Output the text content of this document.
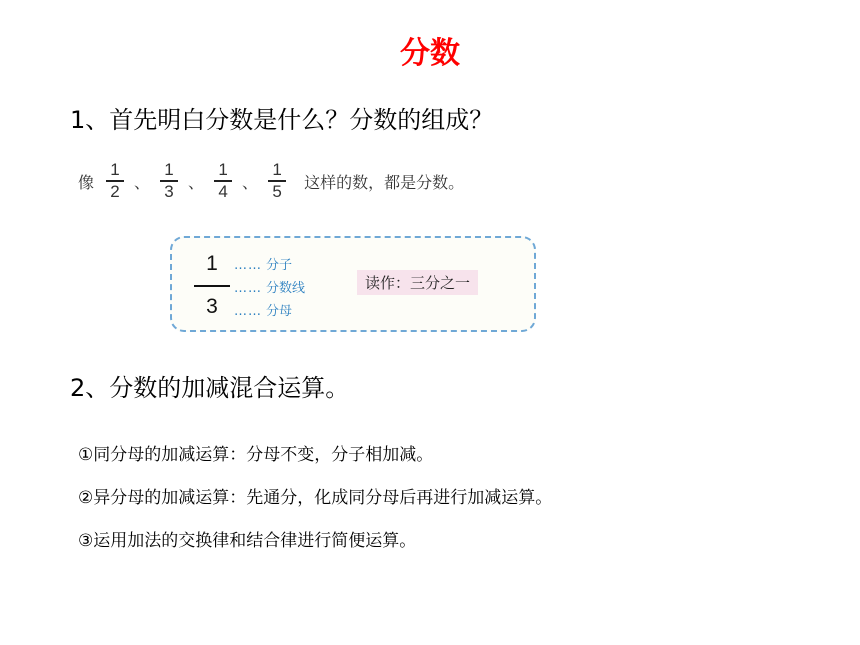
分数
1、首先明白分数是什么？分数的组成？
像 $\frac{1}{2}$ 、 $\frac{1}{3}$ 、 $\frac{1}{4}$ 、 $\frac{1}{5}$ 这样的数，都是分数。
1
3
…… 分子
…… 分数线
…… 分母
读作：三分之一
2、分数的加减混合运算。
①同分母的加减运算：分母不变，分子相加减。
②异分母的加减运算：先通分，化成同分母后再进行加减运算。
③运用加法的交换律和结合律进行简便运算。
